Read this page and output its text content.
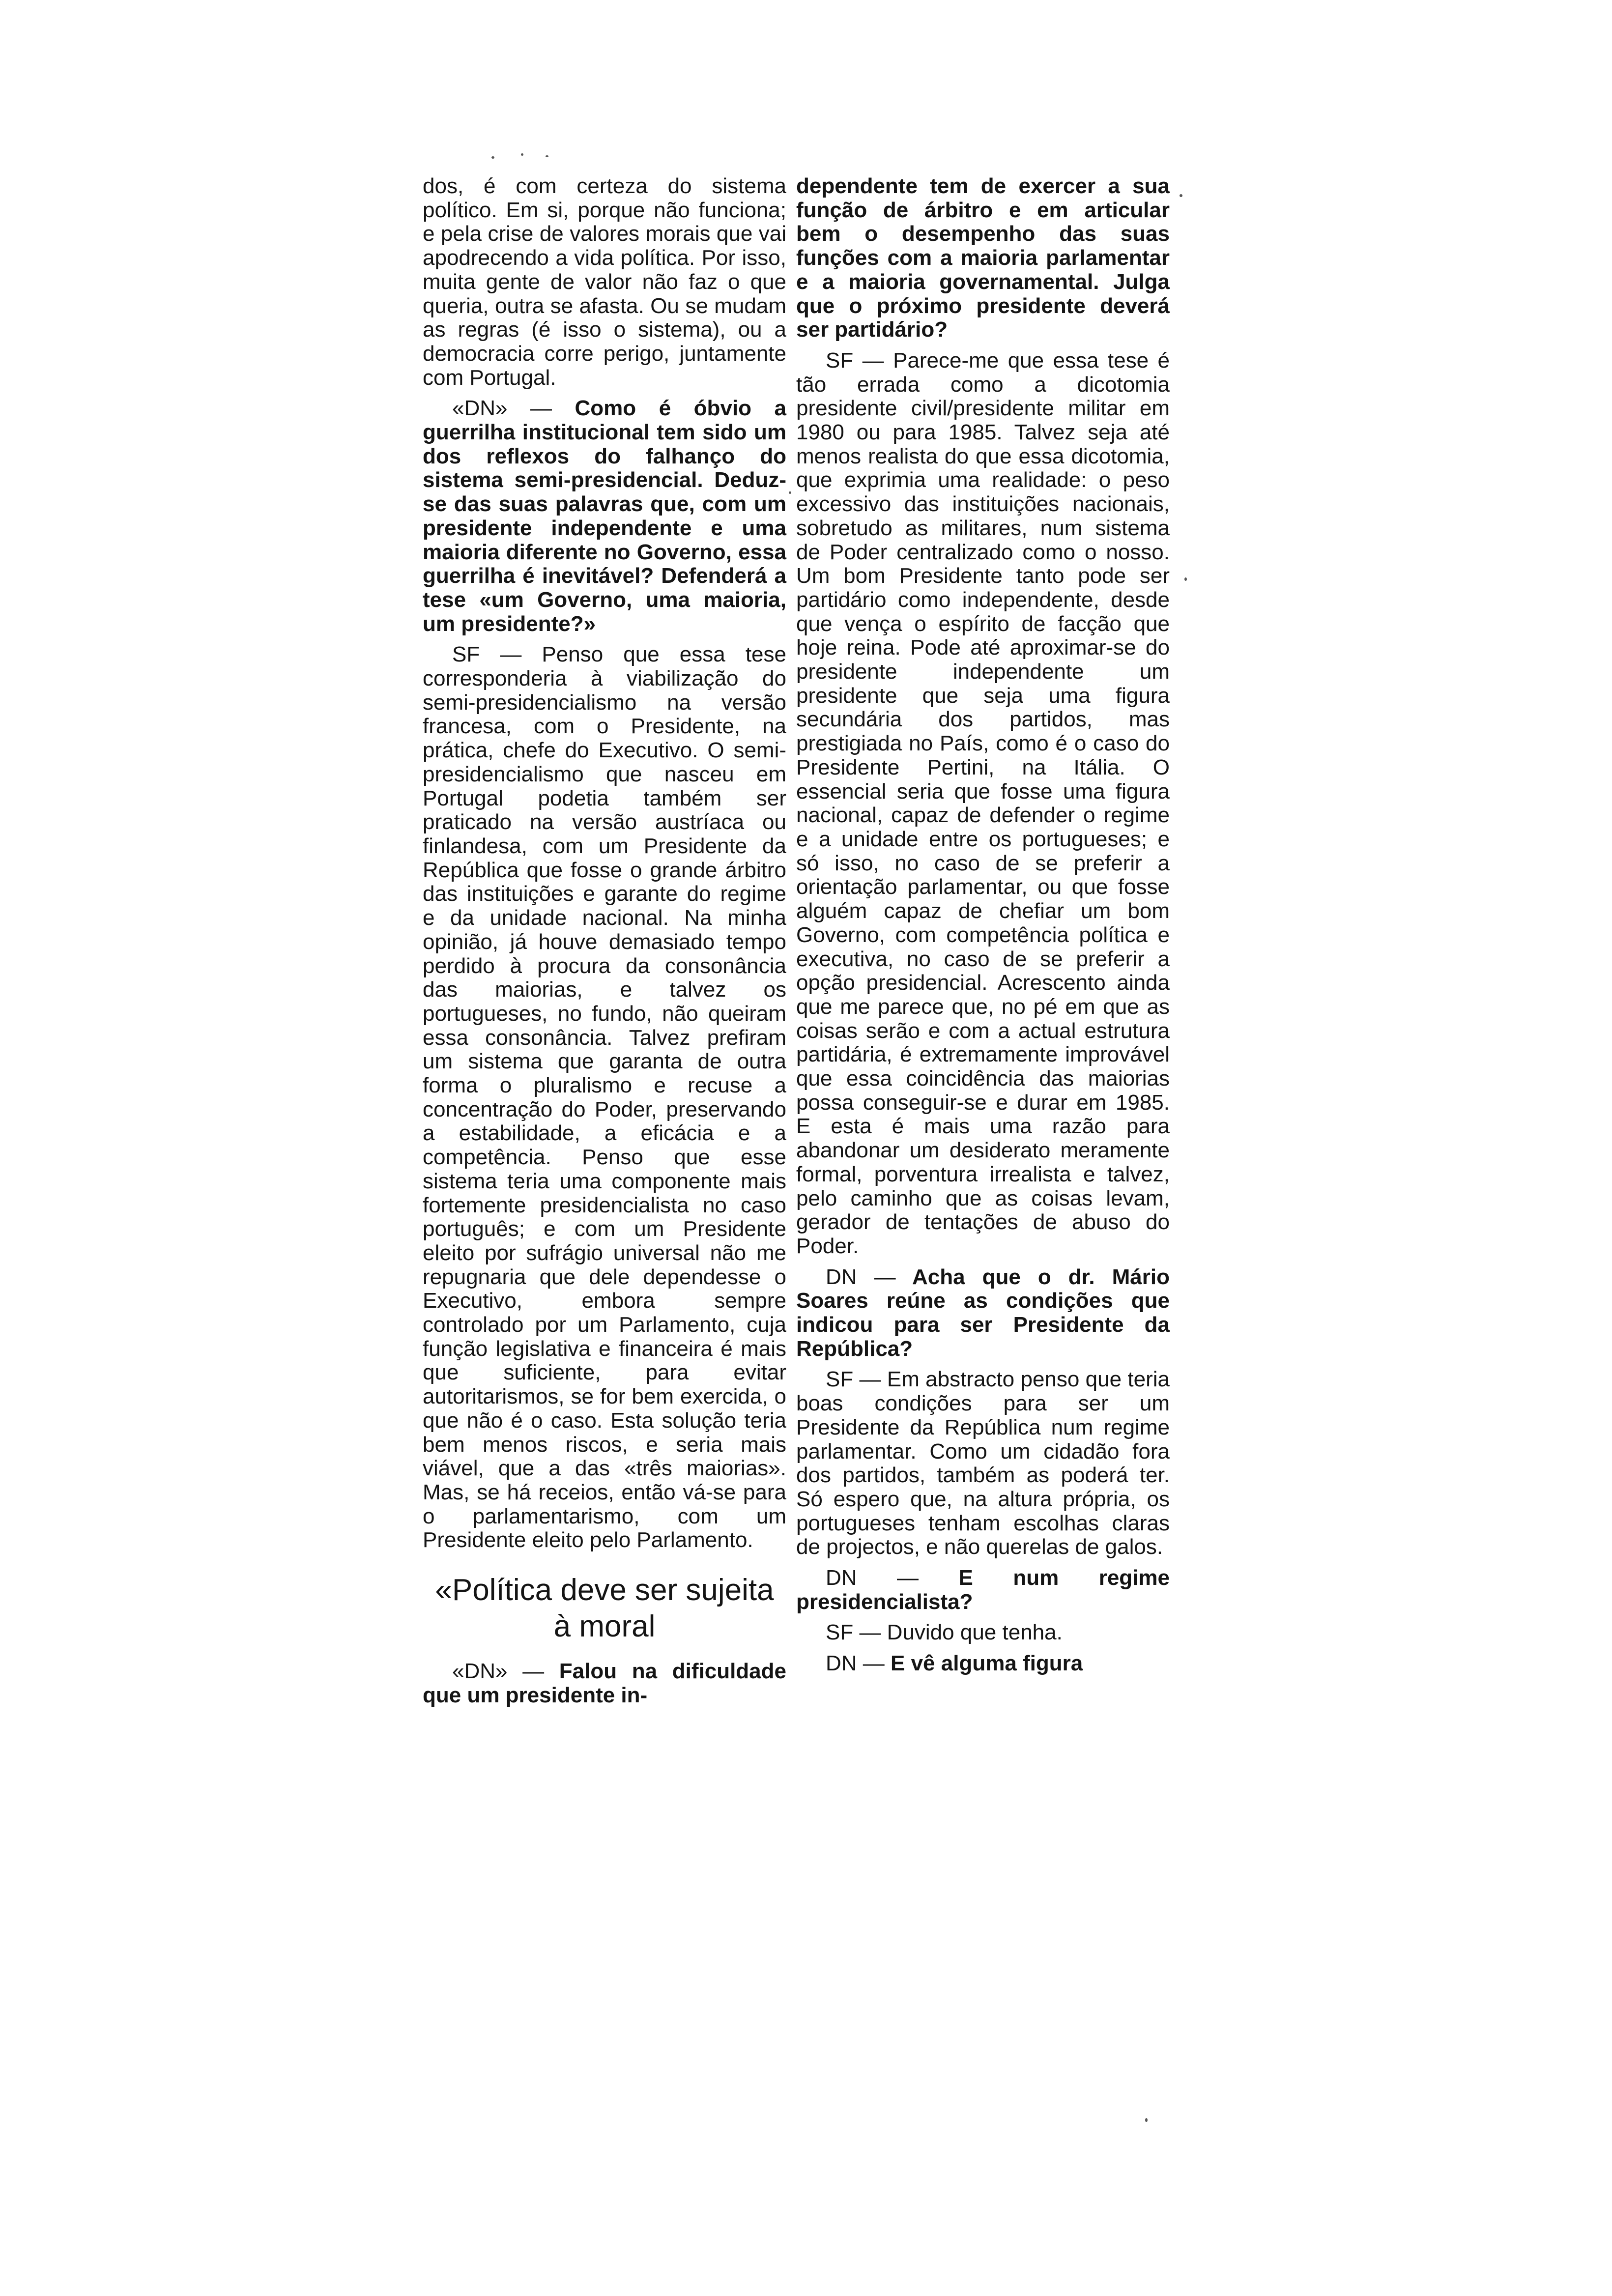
dos, é com certeza do sistema político. Em si, porque não funciona; e pela crise de valores morais que vai apodrecendo a vida política. Por isso, muita gente de valor não faz o que queria, outra se afasta. Ou se mudam as regras (é isso o sistema), ou a democracia corre perigo, juntamente com Portugal.

«DN» — Como é óbvio a guerrilha institucional tem sido um dos reflexos do falhanço do sistema semi-presidencial. Deduz-se das suas palavras que, com um presidente independente e uma maioria diferente no Governo, essa guerrilha é inevitável? Defenderá a tese «um Governo, uma maioria, um presidente?»

SF — Penso que essa tese corresponderia à viabilização do semi-presidencialismo na versão francesa, com o Presidente, na prática, chefe do Executivo. O semi-presidencialismo que nasceu em Portugal podetia também ser praticado na versão austríaca ou finlandesa, com um Presidente da República que fosse o grande árbitro das instituições e garante do regime e da unidade nacional. Na minha opinião, já houve demasiado tempo perdido à procura da consonância das maiorias, e talvez os portugueses, no fundo, não queiram essa consonância. Talvez prefiram um sistema que garanta de outra forma o pluralismo e recuse a concentração do Poder, preservando a estabilidade, a eficácia e a competência. Penso que esse sistema teria uma componente mais fortemente presidencialista no caso português; e com um Presidente eleito por sufrágio universal não me repugnaria que dele dependesse o Executivo, embora sempre controlado por um Parlamento, cuja função legislativa e financeira é mais que suficiente, para evitar autoritarismos, se for bem exercida, o que não é o caso. Esta solução teria bem menos riscos, e seria mais viável, que a das «três maiorias». Mas, se há receios, então vá-se para o parlamentarismo, com um Presidente eleito pelo Parlamento.

«Política deve ser sujeita à moral

«DN» — Falou na dificuldade que um presidente in-

dependente tem de exercer a sua função de árbitro e em articular bem o desempenho das suas funções com a maioria parlamentar e a maioria governamental. Julga que o próximo presidente deverá ser partidário?

SF — Parece-me que essa tese é tão errada como a dicotomia presidente civil/presidente militar em 1980 ou para 1985. Talvez seja até menos realista do que essa dicotomia, que exprimia uma realidade: o peso excessivo das instituições nacionais, sobretudo as militares, num sistema de Poder centralizado como o nosso. Um bom Presidente tanto pode ser partidário como independente, desde que vença o espírito de facção que hoje reina. Pode até aproximar-se do presidente independente um presidente que seja uma figura secundária dos partidos, mas prestigiada no País, como é o caso do Presidente Pertini, na Itália. O essencial seria que fosse uma figura nacional, capaz de defender o regime e a unidade entre os portugueses; e só isso, no caso de se preferir a orientação parlamentar, ou que fosse alguém capaz de chefiar um bom Governo, com competência política e executiva, no caso de se preferir a opção presidencial. Acrescento ainda que me parece que, no pé em que as coisas serão e com a actual estrutura partidária, é extremamente improvável que essa coincidência das maiorias possa conseguir-se e durar em 1985. E esta é mais uma razão para abandonar um desiderato meramente formal, porventura irrealista e talvez, pelo caminho que as coisas levam, gerador de tentações de abuso do Poder.

DN — Acha que o dr. Mário Soares reúne as condições que indicou para ser Presidente da República?

SF — Em abstracto penso que teria boas condições para ser um Presidente da República num regime parlamentar. Como um cidadão fora dos partidos, também as poderá ter. Só espero que, na altura própria, os portugueses tenham escolhas claras de projectos, e não querelas de galos.

DN — E num regime presidencialista?

SF — Duvido que tenha.

DN — E vê alguma figura
